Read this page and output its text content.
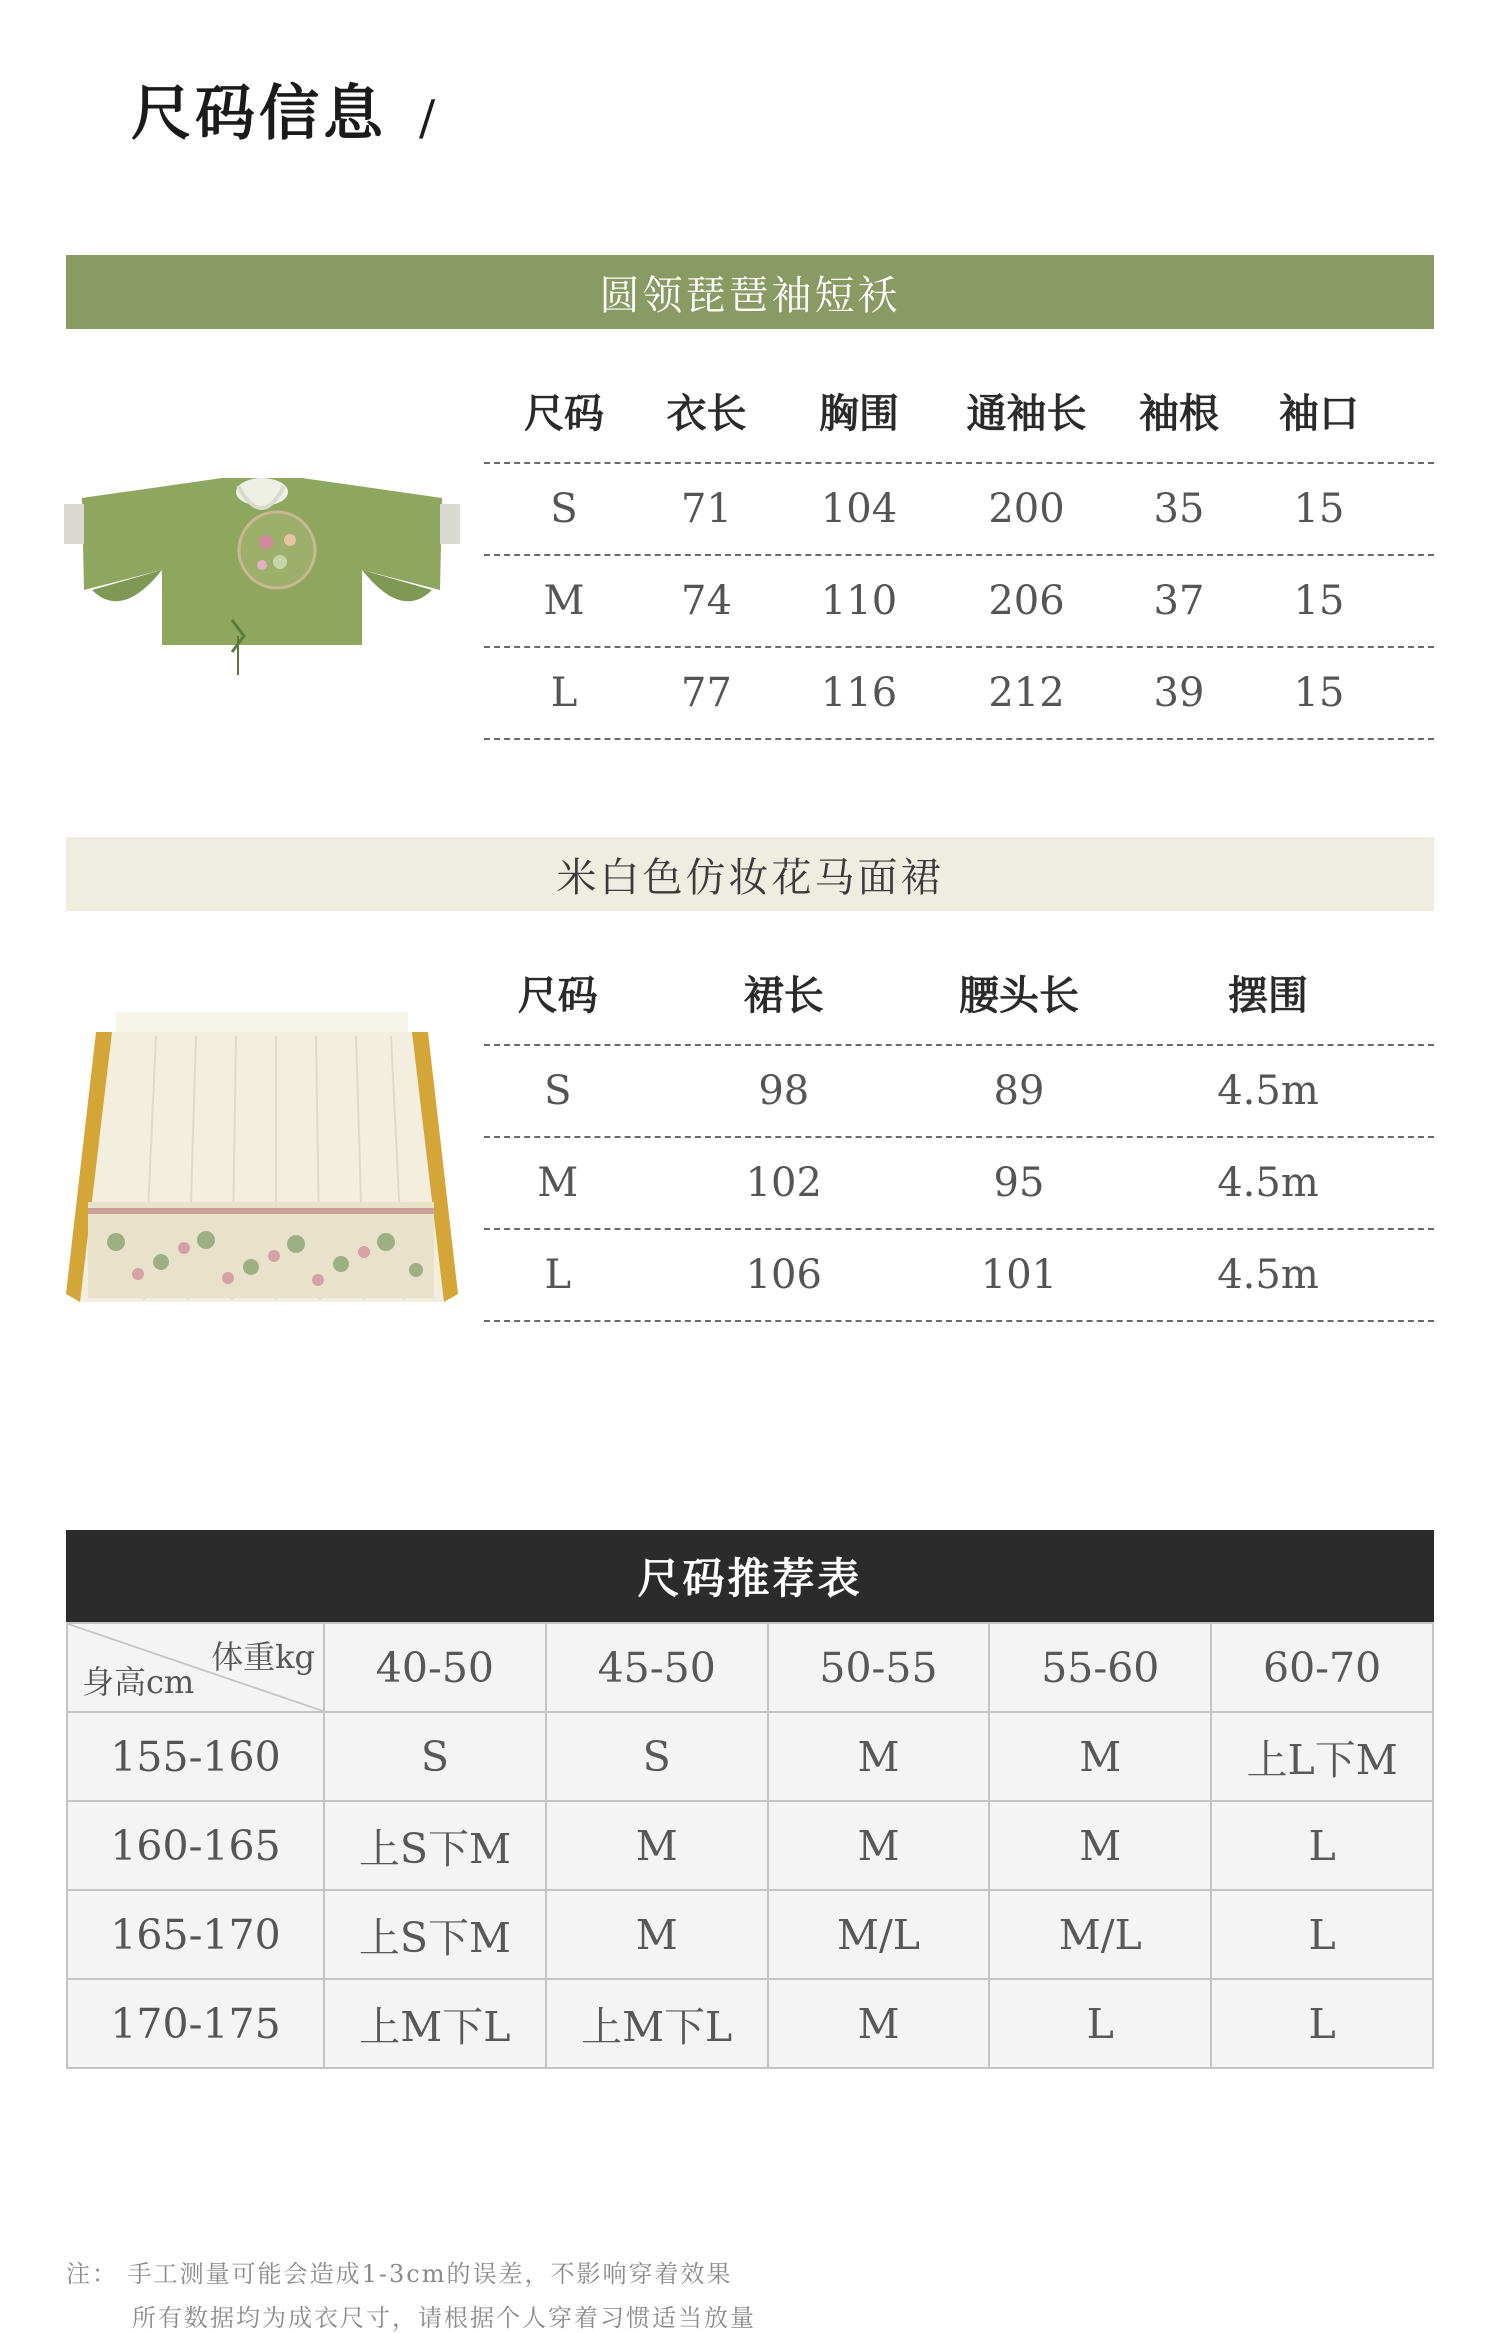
尺码信息 /
圆领琵琶袖短袄
尺码	衣长	胸围	通袖长	袖根	袖口
S	71	104	200	35	15
M	74	110	206	37	15
L	77	116	212	39	15
米白色仿妆花马面裙
尺码	裙长	腰头长	摆围
S	98	89	4.5m
M	102	95	4.5m
L	106	101	4.5m
尺码推荐表
体重kg
身高cm	40-50	45-50	50-55	55-60	60-70
155-160	S	S	M	M	上L下M
160-165	上S下M	M	M	M	L
165-170	上S下M	M	M/L	M/L	L
170-175	上M下L	上M下L	M	L	L
注： 手工测量可能会造成1-3cm的误差，不影响穿着效果
所有数据均为成衣尺寸，请根据个人穿着习惯适当放量
